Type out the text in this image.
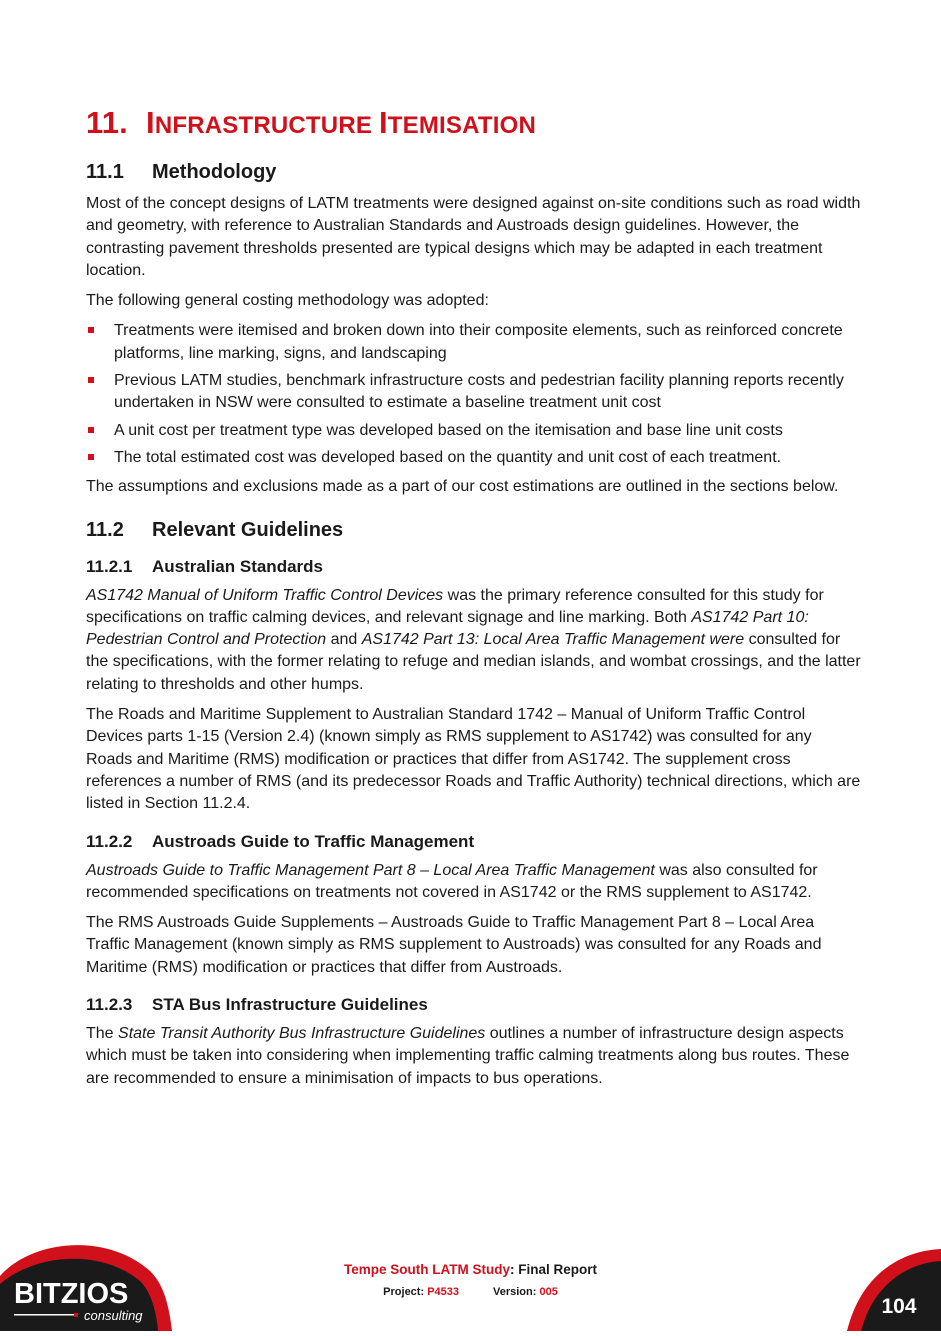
11. INFRASTRUCTURE ITEMISATION
11.1 Methodology

Most of the concept designs of LATM treatments were designed against on-site conditions such as road width and geometry, with reference to Australian Standards and Austroads design guidelines. However, the contrasting pavement thresholds presented are typical designs which may be adapted in each treatment location.

The following general costing methodology was adopted:

Treatments were itemised and broken down into their composite elements, such as reinforced concrete platforms, line marking, signs, and landscaping
Previous LATM studies, benchmark infrastructure costs and pedestrian facility planning reports recently undertaken in NSW were consulted to estimate a baseline treatment unit cost
A unit cost per treatment type was developed based on the itemisation and base line unit costs
The total estimated cost was developed based on the quantity and unit cost of each treatment.

The assumptions and exclusions made as a part of our cost estimations are outlined in the sections below.

11.2 Relevant Guidelines
11.2.1 Australian Standards

AS1742 Manual of Uniform Traffic Control Devices was the primary reference consulted for this study for specifications on traffic calming devices, and relevant signage and line marking. Both AS1742 Part 10: Pedestrian Control and Protection and AS1742 Part 13: Local Area Traffic Management were consulted for the specifications, with the former relating to refuge and median islands, and wombat crossings, and the latter relating to thresholds and other humps.

The Roads and Maritime Supplement to Australian Standard 1742 – Manual of Uniform Traffic Control Devices parts 1-15 (Version 2.4) (known simply as RMS supplement to AS1742) was consulted for any Roads and Maritime (RMS) modification or practices that differ from AS1742. The supplement cross references a number of RMS (and its predecessor Roads and Traffic Authority) technical directions, which are listed in Section 11.2.4.

11.2.2 Austroads Guide to Traffic Management

Austroads Guide to Traffic Management Part 8 – Local Area Traffic Management was also consulted for recommended specifications on treatments not covered in AS1742 or the RMS supplement to AS1742.

The RMS Austroads Guide Supplements – Austroads Guide to Traffic Management Part 8 – Local Area Traffic Management (known simply as RMS supplement to Austroads) was consulted for any Roads and Maritime (RMS) modification or practices that differ from Austroads.

11.2.3 STA Bus Infrastructure Guidelines

The State Transit Authority Bus Infrastructure Guidelines outlines a number of infrastructure design aspects which must be taken into considering when implementing traffic calming treatments along bus routes. These are recommended to ensure a minimisation of impacts to bus operations.

BITZIOS
consulting
Tempe South LATM Study: Final Report
Project: P4533	Version: 005
104
